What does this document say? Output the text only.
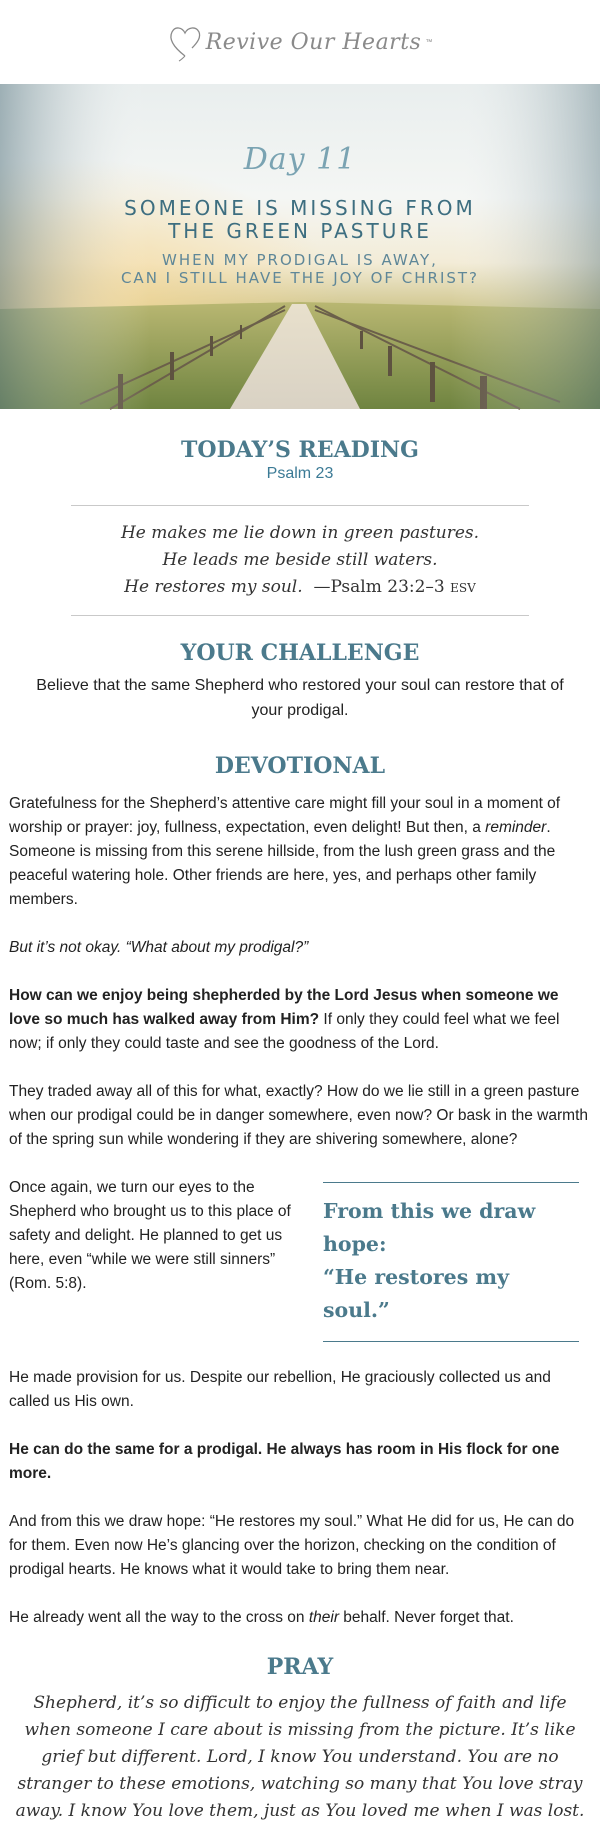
Revive Our Hearts ™
Day 11
SOMEONE IS MISSING FROM
THE GREEN PASTURE
WHEN MY PRODIGAL IS AWAY,
CAN I STILL HAVE THE JOY OF CHRIST?
TODAY’S READING
Psalm 23
He makes me lie down in green pastures.
He leads me beside still waters.
He restores my soul. —Psalm 23:2–3 ESV
YOUR CHALLENGE
Believe that the same Shepherd who restored your soul can restore that of your prodigal.
DEVOTIONAL

Gratefulness for the Shepherd’s attentive care might fill your soul in a moment of worship or prayer: joy, fullness, expectation, even delight! But then, a reminder. Someone is missing from this serene hillside, from the lush green grass and the peaceful watering hole. Other friends are here, yes, and perhaps other family members.

But it’s not okay. “What about my prodigal?”

How can we enjoy being shepherded by the Lord Jesus when someone we love so much has walked away from Him? If only they could feel what we feel now; if only they could taste and see the goodness of the Lord.

They traded away all of this for what, exactly? How do we lie still in a green pasture when our prodigal could be in danger somewhere, even now? Or bask in the warmth of the spring sun while wondering if they are shivering somewhere, alone?

Once again, we turn our eyes to the Shepherd who brought us to this place of safety and delight. He planned to get us here, even “while we were still sinners” (Rom. 5:8).
From this we draw hope:
“He restores my soul.”

He made provision for us. Despite our rebellion, He graciously collected us and called us His own.

He can do the same for a prodigal. He always has room in His flock for one more.

And from this we draw hope: “He restores my soul.” What He did for us, He can do for them. Even now He’s glancing over the horizon, checking on the condition of prodigal hearts. He knows what it would take to bring them near.

He already went all the way to the cross on their behalf. Never forget that.

PRAY
Shepherd, it’s so difficult to enjoy the fullness of faith and life when someone I care about is missing from the picture. It’s like grief but different. Lord, I know You understand. You are no stranger to these emotions, watching so many that You love stray away. I know You love them, just as You loved me when I was lost.
